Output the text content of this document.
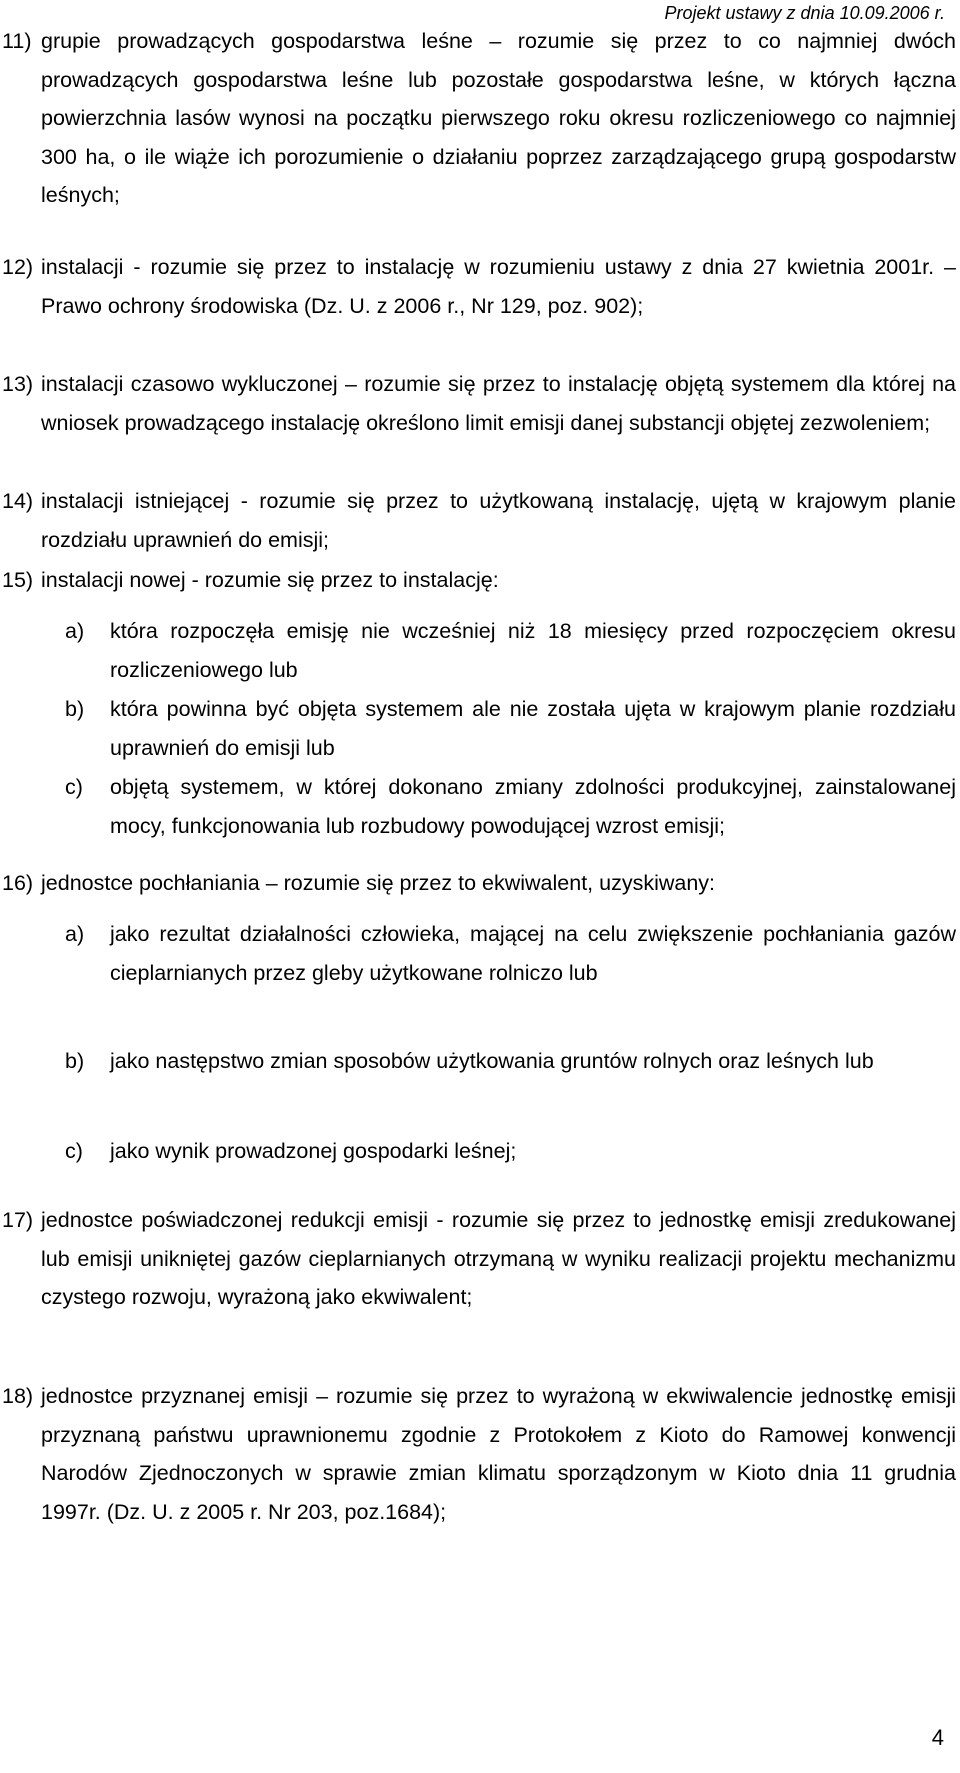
Projekt ustawy z dnia 10.09.2006 r.
11) grupie prowadzących gospodarstwa leśne – rozumie się przez to co najmniej dwóch prowadzących gospodarstwa leśne lub pozostałe gospodarstwa leśne, w których łączna powierzchnia lasów wynosi na początku pierwszego roku okresu rozliczeniowego co najmniej 300 ha, o ile wiąże ich porozumienie o działaniu poprzez zarządzającego grupą gospodarstw leśnych;
12) instalacji - rozumie się przez to instalację w rozumieniu ustawy z dnia 27 kwietnia 2001r. – Prawo ochrony środowiska (Dz. U. z 2006 r., Nr 129, poz. 902);
13) instalacji czasowo wykluczonej – rozumie się przez to instalację objętą systemem dla której na wniosek prowadzącego instalację określono limit emisji danej substancji objętej zezwoleniem;
14) instalacji istniejącej - rozumie się przez to użytkowaną instalację, ujętą w krajowym planie rozdziału uprawnień do emisji;
15) instalacji nowej - rozumie się przez to instalację:
a) która rozpoczęła emisję nie wcześniej niż 18 miesięcy przed rozpoczęciem okresu rozliczeniowego lub
b) która powinna być objęta systemem ale nie została ujęta w krajowym planie rozdziału uprawnień do emisji lub
c) objętą systemem, w której dokonano zmiany zdolności produkcyjnej, zainstalowanej mocy, funkcjonowania lub rozbudowy powodującej wzrost emisji;
16) jednostce pochłaniania – rozumie się przez to ekwiwalent, uzyskiwany:
a) jako rezultat działalności człowieka, mającej na celu zwiększenie pochłaniania gazów cieplarnianych przez gleby użytkowane rolniczo lub
b) jako następstwo zmian sposobów użytkowania gruntów rolnych oraz leśnych lub
c) jako wynik prowadzonej gospodarki leśnej;
17) jednostce poświadczonej redukcji emisji - rozumie się przez to jednostkę emisji zredukowanej lub emisji unikniętej gazów cieplarnianych otrzymaną w wyniku realizacji projektu mechanizmu czystego rozwoju, wyrażoną jako ekwiwalent;
18) jednostce przyznanej emisji – rozumie się przez to wyrażoną w ekwiwalencie jednostkę emisji przyznaną państwu uprawnionemu zgodnie z Protokołem z Kioto do Ramowej konwencji Narodów Zjednoczonych w sprawie zmian klimatu sporządzonym w Kioto dnia 11 grudnia 1997r. (Dz. U. z 2005 r. Nr 203, poz.1684);
4
